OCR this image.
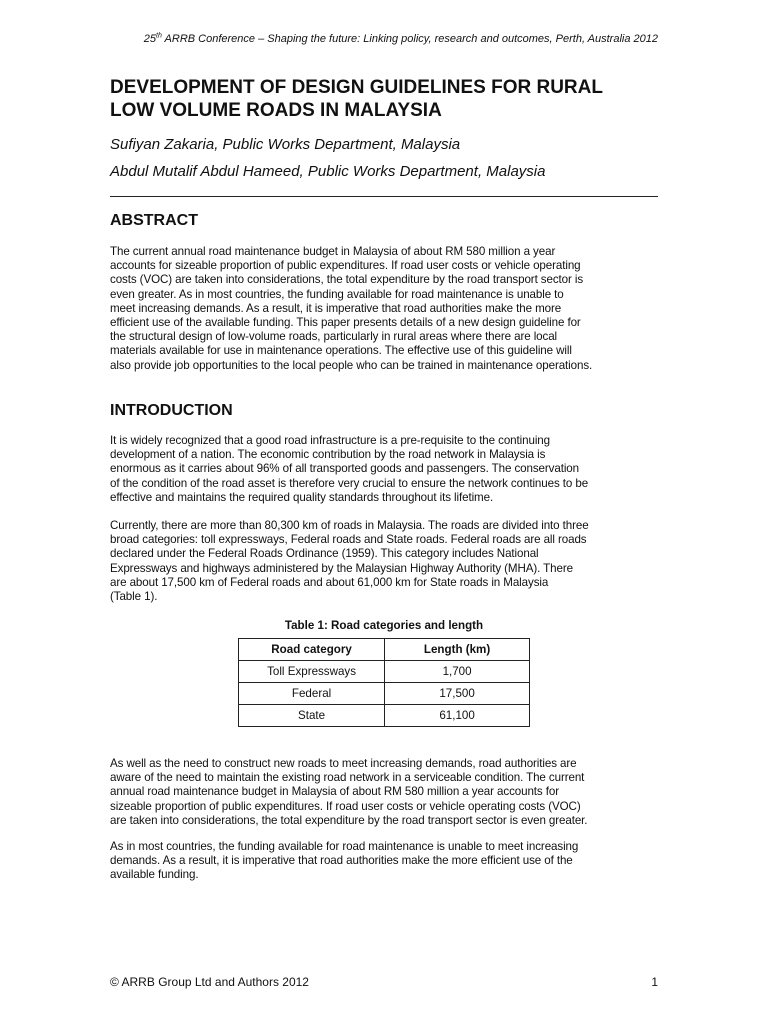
25th ARRB Conference – Shaping the future: Linking policy, research and outcomes, Perth, Australia 2012
DEVELOPMENT OF DESIGN GUIDELINES FOR RURAL
LOW VOLUME ROADS IN MALAYSIA

Sufiyan Zakaria, Public Works Department, Malaysia

Abdul Mutalif Abdul Hameed, Public Works Department, Malaysia

ABSTRACT

The current annual road maintenance budget in Malaysia of about RM 580 million a year
accounts for sizeable proportion of public expenditures. If road user costs or vehicle operating
costs (VOC) are taken into considerations, the total expenditure by the road transport sector is
even greater. As in most countries, the funding available for road maintenance is unable to
meet increasing demands. As a result, it is imperative that road authorities make the more
efficient use of the available funding. This paper presents details of a new design guideline for
the structural design of low-volume roads, particularly in rural areas where there are local
materials available for use in maintenance operations. The effective use of this guideline will
also provide job opportunities to the local people who can be trained in maintenance operations.

INTRODUCTION

It is widely recognized that a good road infrastructure is a pre-requisite to the continuing
development of a nation. The economic contribution by the road network in Malaysia is
enormous as it carries about 96% of all transported goods and passengers. The conservation
of the condition of the road asset is therefore very crucial to ensure the network continues to be
effective and maintains the required quality standards throughout its lifetime.

Currently, there are more than 80,300 km of roads in Malaysia. The roads are divided into three
broad categories: toll expressways, Federal roads and State roads. Federal roads are all roads
declared under the Federal Roads Ordinance (1959). This category includes National
Expressways and highways administered by the Malaysian Highway Authority (MHA). There
are about 17,500 km of Federal roads and about 61,000 km for State roads in Malaysia
(Table 1).

Table 1: Road categories and length
Road category	Length (km)
Toll Expressways	1,700
Federal	17,500
State	61,100

As well as the need to construct new roads to meet increasing demands, road authorities are
aware of the need to maintain the existing road network in a serviceable condition. The current
annual road maintenance budget in Malaysia of about RM 580 million a year accounts for
sizeable proportion of public expenditures. If road user costs or vehicle operating costs (VOC)
are taken into considerations, the total expenditure by the road transport sector is even greater.

As in most countries, the funding available for road maintenance is unable to meet increasing
demands. As a result, it is imperative that road authorities make the more efficient use of the
available funding.

© ARRB Group Ltd and Authors 2012	1
